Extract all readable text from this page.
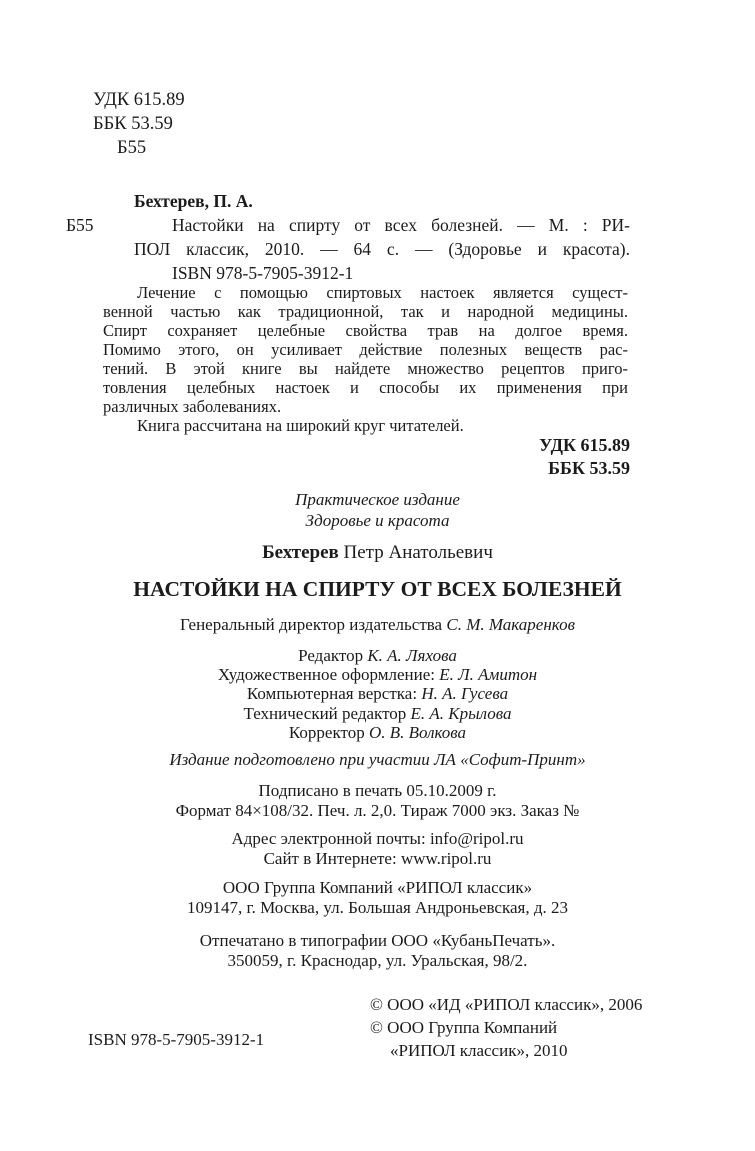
УДК 615.89
ББК 53.59
Б55
Б55
Бехтерев, П. А.
Настойки на спирту от всех болезней. — М. : РИ-
ПОЛ классик, 2010. — 64 с. — (Здоровье и красота).
ISBN 978-5-7905-3912-1
Лечение с помощью спиртовых настоек является сущест-
венной частью как традиционной, так и народной медицины.
Спирт сохраняет целебные свойства трав на долгое время.
Помимо этого, он усиливает действие полезных веществ рас-
тений. В этой книге вы найдете множество рецептов приго-
товления целебных настоек и способы их применения при
различных заболеваниях.
Книга рассчитана на широкий круг читателей.
УДК 615.89
ББК 53.59
Практическое издание
Здоровье и красота
Бехтерев Петр Анатольевич
НАСТОЙКИ НА СПИРТУ ОТ ВСЕХ БОЛЕЗНЕЙ
Генеральный директор издательства С. М. Макаренков
Редактор К. А. Ляхова
Художественное оформление: Е. Л. Амитон
Компьютерная верстка: Н. А. Гусева
Технический редактор Е. А. Крылова
Корректор О. В. Волкова
Издание подготовлено при участии ЛА «Софит-Принт»
Подписано в печать 05.10.2009 г.
Формат 84×108/32. Печ. л. 2,0. Тираж 7000 экз. Заказ №
Адрес электронной почты: info@ripol.ru
Сайт в Интернете: www.ripol.ru
ООО Группа Компаний «РИПОЛ классик»
109147, г. Москва, ул. Большая Андроньевская, д. 23
Отпечатано в типографии ООО «КубаньПечать».
350059, г. Краснодар, ул. Уральская, 98/2.
© ООО «ИД «РИПОЛ классик», 2006
© ООО Группа Компаний
«РИПОЛ классик», 2010
ISBN 978-5-7905-3912-1
